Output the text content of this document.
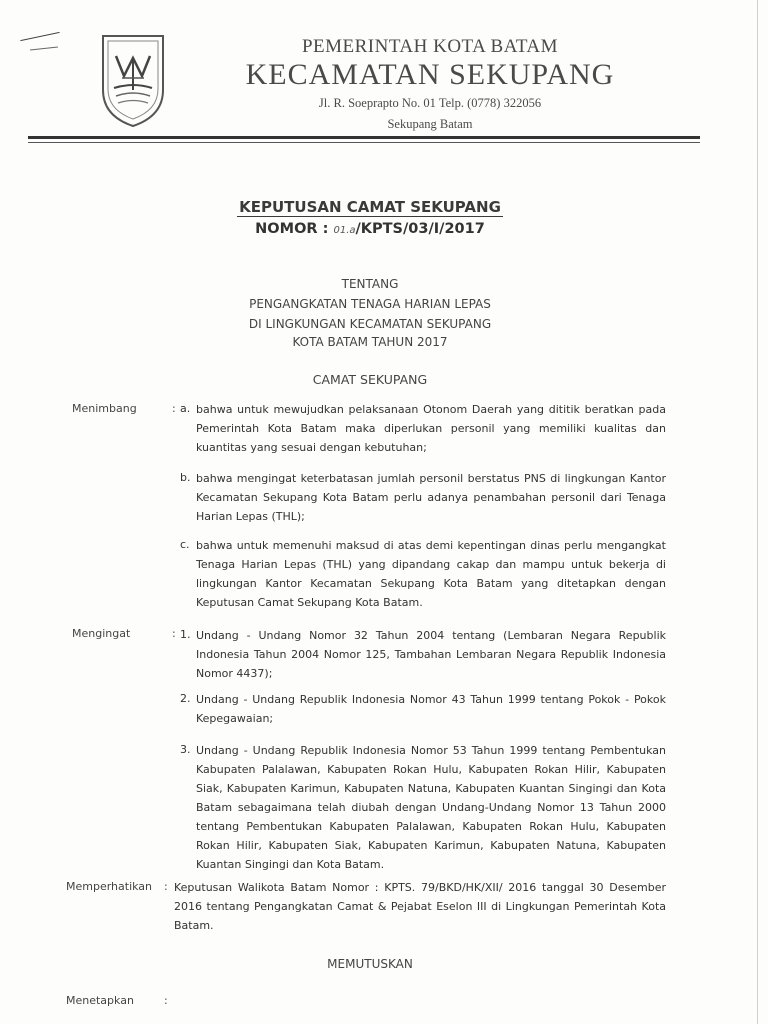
PEMERINTAH KOTA BATAM
KECAMATAN SEKUPANG
Jl. R. Soeprapto No. 01 Telp. (0778) 322056
Sekupang Batam
KEPUTUSAN CAMAT SEKUPANG
NOMOR : 01.a/KPTS/03/I/2017
TENTANG
PENGANGKATAN TENAGA HARIAN LEPAS
DI LINGKUNGAN KECAMATAN SEKUPANG
KOTA BATAM TAHUN 2017
CAMAT SEKUPANG
Menimbang	: a. bahwa untuk mewujudkan pelaksanaan Otonom Daerah yang dititik beratkan pada Pemerintah Kota Batam maka diperlukan personil yang memiliki kualitas dan kuantitas yang sesuai dengan kebutuhan;
b. bahwa mengingat keterbatasan jumlah personil berstatus PNS di lingkungan Kantor Kecamatan Sekupang Kota Batam perlu adanya penambahan personil dari Tenaga Harian Lepas (THL);
c. bahwa untuk memenuhi maksud di atas demi kepentingan dinas perlu mengangkat Tenaga Harian Lepas (THL) yang dipandang cakap dan mampu untuk bekerja di lingkungan Kantor Kecamatan Sekupang Kota Batam yang ditetapkan dengan Keputusan Camat Sekupang Kota Batam.
Mengingat	: 1. Undang - Undang Nomor 32 Tahun 2004 tentang (Lembaran Negara Republik Indonesia Tahun 2004 Nomor 125, Tambahan Lembaran Negara Republik Indonesia Nomor 4437);
2. Undang - Undang Republik Indonesia Nomor 43 Tahun 1999 tentang Pokok - Pokok Kepegawaian;
3. Undang - Undang Republik Indonesia Nomor 53 Tahun 1999 tentang Pembentukan Kabupaten Palalawan, Kabupaten Rokan Hulu, Kabupaten Rokan Hilir, Kabupaten Siak, Kabupaten Karimun, Kabupaten Natuna, Kabupaten Kuantan Singingi dan Kota Batam sebagaimana telah diubah dengan Undang-Undang Nomor 13 Tahun 2000 tentang Pembentukan Kabupaten Palalawan, Kabupaten Rokan Hulu, Kabupaten Rokan Hilir, Kabupaten Siak, Kabupaten Karimun, Kabupaten Natuna, Kabupaten Kuantan Singingi dan Kota Batam.
Memperhatikan : Keputusan Walikota Batam Nomor : KPTS. 79/BKD/HK/XII/ 2016 tanggal 30 Desember 2016 tentang Pengangkatan Camat & Pejabat Eselon III di Lingkungan Pemerintah Kota Batam.
MEMUTUSKAN
Menetapkan	:
